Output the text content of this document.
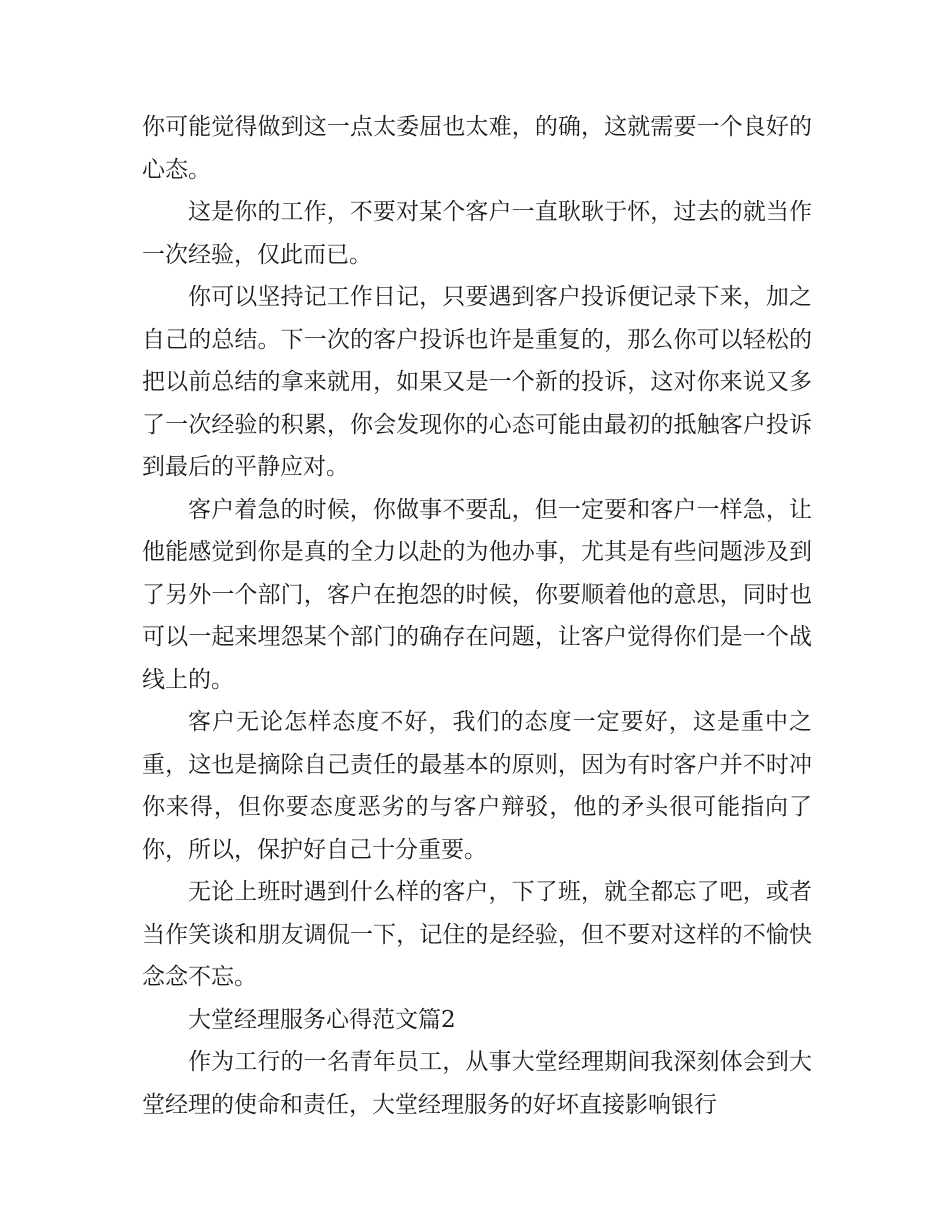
你可能觉得做到这一点太委屈也太难，的确，这就需要一个良好的心态。

这是你的工作，不要对某个客户一直耿耿于怀，过去的就当作一次经验，仅此而已。

你可以坚持记工作日记，只要遇到客户投诉便记录下来，加之自己的总结。下一次的客户投诉也许是重复的，那么你可以轻松的把以前总结的拿来就用，如果又是一个新的投诉，这对你来说又多了一次经验的积累，你会发现你的心态可能由最初的抵触客户投诉到最后的平静应对。

客户着急的时候，你做事不要乱，但一定要和客户一样急，让他能感觉到你是真的全力以赴的为他办事，尤其是有些问题涉及到了另外一个部门，客户在抱怨的时候，你要顺着他的意思，同时也可以一起来埋怨某个部门的确存在问题，让客户觉得你们是一个战线上的。

客户无论怎样态度不好，我们的态度一定要好，这是重中之重，这也是摘除自己责任的最基本的原则，因为有时客户并不时冲你来得，但你要态度恶劣的与客户辩驳，他的矛头很可能指向了你，所以，保护好自己十分重要。

无论上班时遇到什么样的客户，下了班，就全都忘了吧，或者当作笑谈和朋友调侃一下，记住的是经验，但不要对这样的不愉快念念不忘。

大堂经理服务心得范文篇2

作为工行的一名青年员工，从事大堂经理期间我深刻体会到大堂经理的使命和责任，大堂经理服务的好坏直接影响银行
